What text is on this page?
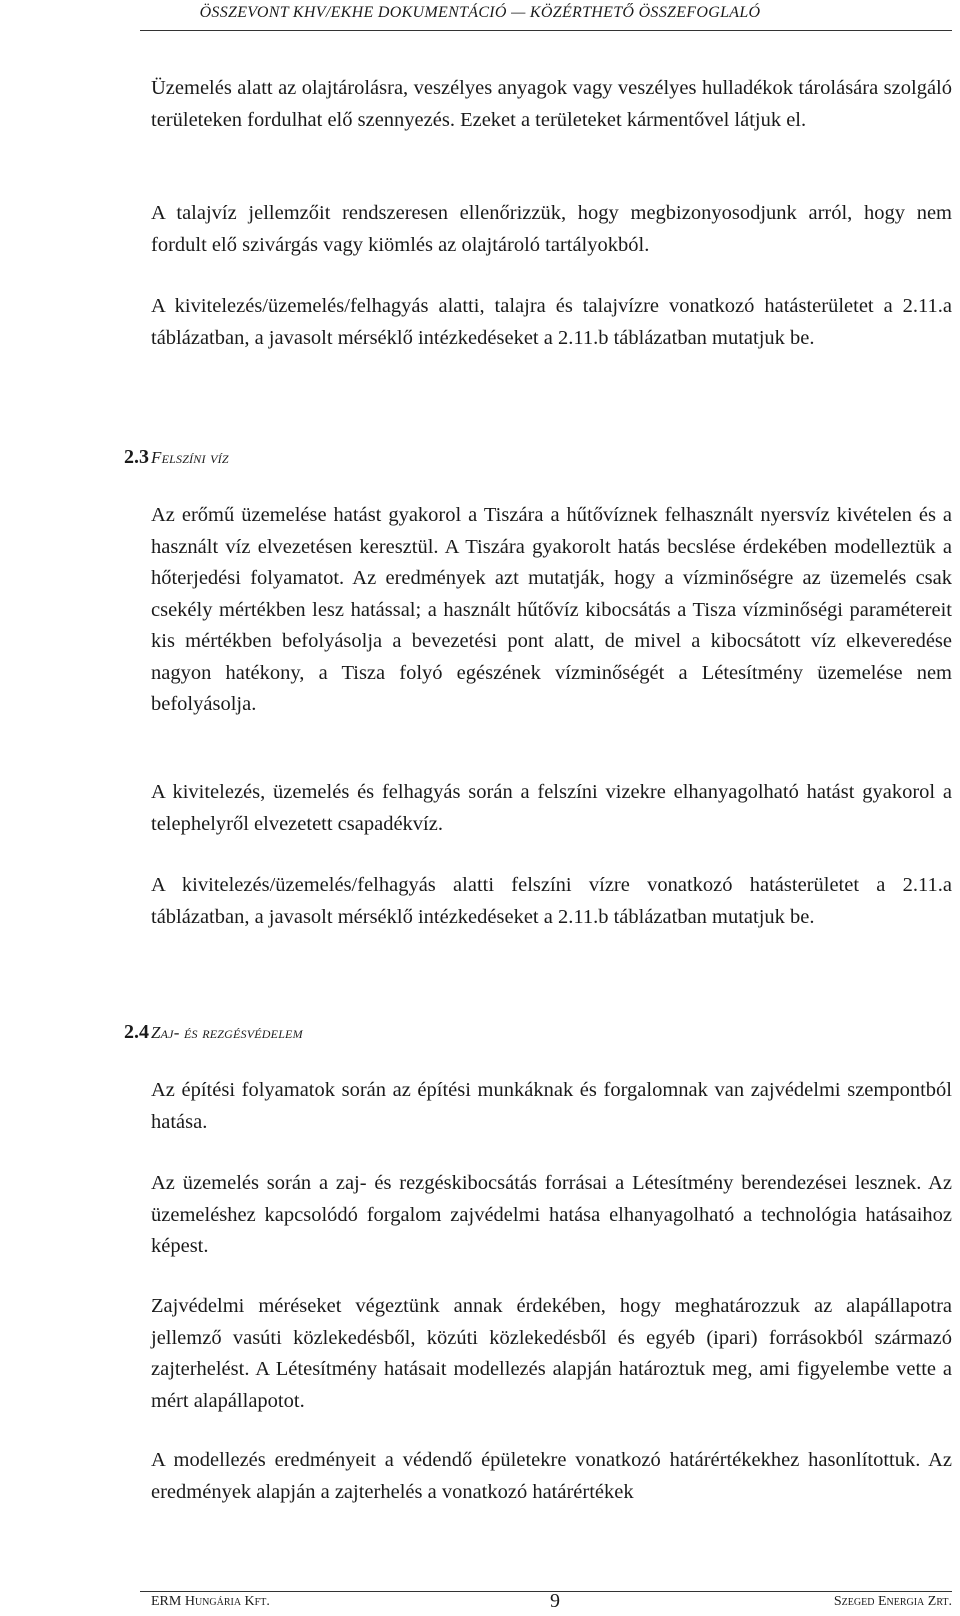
ÖSSZEVONT KHV/EKHE DOKUMENTÁCIÓ — KÖZÉRTHETŐ ÖSSZEFOGLALÓ

Üzemelés alatt az olajtárolásra, veszélyes anyagok vagy veszélyes hulladékok tárolására szolgáló területeken fordulhat elő szennyezés. Ezeket a területeket kármentővel látjuk el.

A talajvíz jellemzőit rendszeresen ellenőrizzük, hogy megbizonyosodjunk arról, hogy nem fordult elő szivárgás vagy kiömlés az olajtároló tartályokból.

A kivitelezés/üzemelés/felhagyás alatti, talajra és talajvízre vonatkozó hatásterületet a 2.11.a táblázatban, a javasolt mérséklő intézkedéseket a 2.11.b táblázatban mutatjuk be.

2.3 Felszíni víz

Az erőmű üzemelése hatást gyakorol a Tiszára a hűtővíznek felhasznált nyersvíz kivételen és a használt víz elvezetésen keresztül. A Tiszára gyakorolt hatás becslése érdekében modelleztük a hőterjedési folyamatot. Az eredmények azt mutatják, hogy a vízminőségre az üzemelés csak csekély mértékben lesz hatással; a használt hűtővíz kibocsátás a Tisza vízminőségi paramétereit kis mértékben befolyásolja a bevezetési pont alatt, de mivel a kibocsátott víz elkeveredése nagyon hatékony, a Tisza folyó egészének vízminőségét a Létesítmény üzemelése nem befolyásolja.

A kivitelezés, üzemelés és felhagyás során a felszíni vizekre elhanyagolható hatást gyakorol a telephelyről elvezetett csapadékvíz.

A kivitelezés/üzemelés/felhagyás alatti felszíni vízre vonatkozó hatásterületet a 2.11.a táblázatban, a javasolt mérséklő intézkedéseket a 2.11.b táblázatban mutatjuk be.

2.4 Zaj- és rezgésvédelem

Az építési folyamatok során az építési munkáknak és forgalomnak van zajvédelmi szempontból hatása.

Az üzemelés során a zaj- és rezgéskibocsátás forrásai a Létesítmény berendezései lesznek. Az üzemeléshez kapcsolódó forgalom zajvédelmi hatása elhanyagolható a technológia hatásaihoz képest.

Zajvédelmi méréseket végeztünk annak érdekében, hogy meghatározzuk az alapállapotra jellemző vasúti közlekedésből, közúti közlekedésből és egyéb (ipari) forrásokból származó zajterhelést. A Létesítmény hatásait modellezés alapján határoztuk meg, ami figyelembe vette a mért alapállapotot.

A modellezés eredményeit a védendő épületekre vonatkozó határértékekhez hasonlítottuk. Az eredmények alapján a zajterhelés a vonatkozó határértékek

ERM Hungária Kft.	9	Szeged Energia Zrt.
